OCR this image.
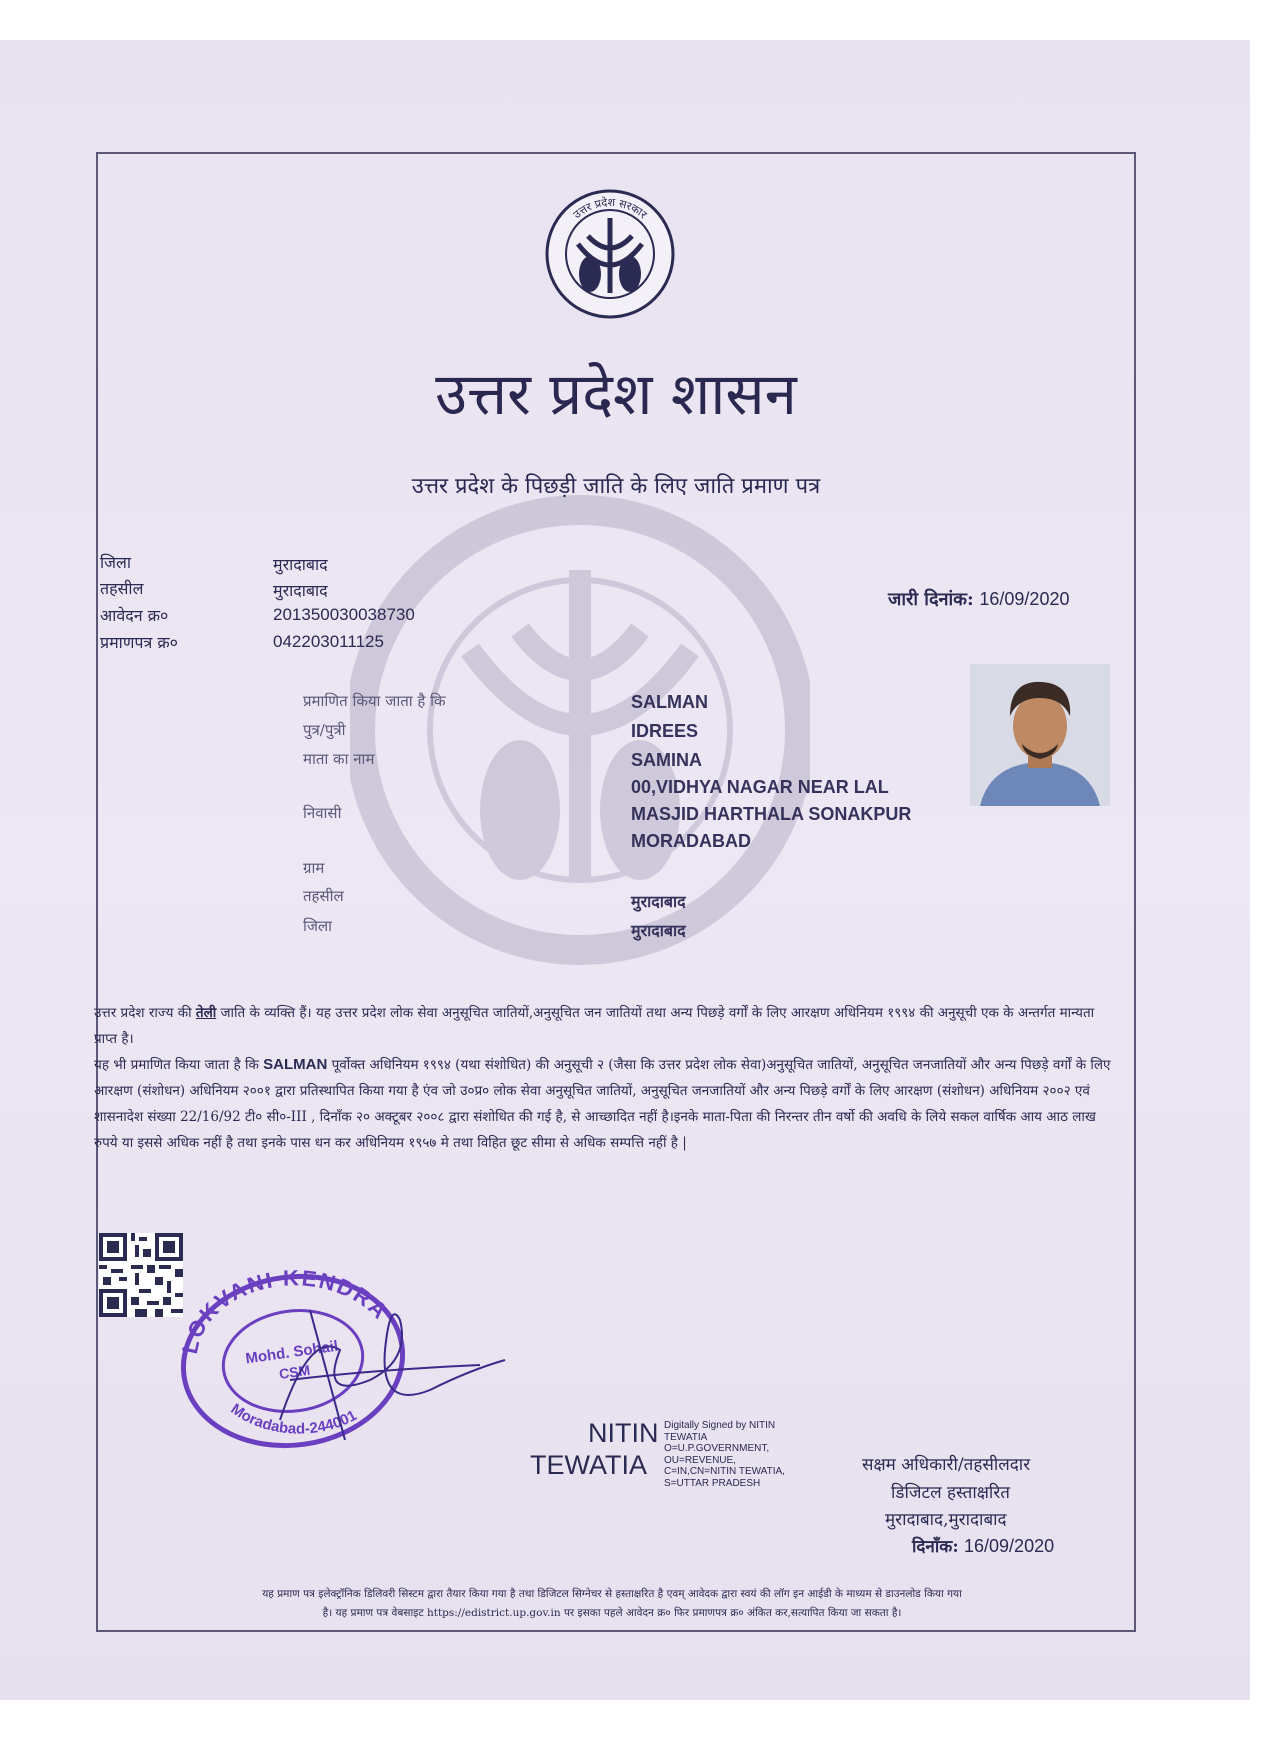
उत्तर प्रदेश सरकार
उत्तर प्रदेश शासन
उत्तर प्रदेश के पिछड़ी जाति के लिए जाति प्रमाण पत्र
जिला	मुरादाबाद
तहसील	मुरादाबाद
आवेदन क्र०	201350030038730
प्रमाणपत्र क्र०	042203011125
जारी दिनांक: 16/09/2020
प्रमाणित किया जाता है कि	SALMAN
पुत्र/पुत्री	IDREES
माता का नाम	SAMINA
00,VIDHYA NAGAR NEAR LAL
निवासी	MASJID HARTHALA SONAKPUR
MORADABAD
ग्राम
तहसील	मुरादाबाद
जिला	मुरादाबाद
उत्तर प्रदेश राज्य की तेली जाति के व्यक्ति हैं। यह उत्तर प्रदेश लोक सेवा अनुसूचित जातियों,अनुसूचित जन जातियों तथा अन्य पिछड़े वर्गों के लिए आरक्षण अधिनियम १९९४ की अनुसूची एक के अन्तर्गत मान्यता प्राप्त है।
यह भी प्रमाणित किया जाता है कि SALMAN पूर्वोक्त अधिनियम १९९४ (यथा संशोधित) की अनुसूची २ (जैसा कि उत्तर प्रदेश लोक सेवा)अनुसूचित जातियों, अनुसूचित जनजातियों और अन्य पिछड़े वर्गों के लिए आरक्षण (संशोधन) अधिनियम २००१ द्वारा प्रतिस्थापित किया गया है एंव जो उ०प्र० लोक सेवा अनुसूचित जातियों, अनुसूचित जनजातियों और अन्य पिछड़े वर्गों के लिए आरक्षण (संशोधन) अधिनियम २००२ एवं शासनादेश संख्या 22/16/92 टी० सी०-III , दिनाँक २० अक्टूबर २००८ द्वारा संशोधित की गई है, से आच्छादित नहीं है।इनके माता-पिता की निरन्तर तीन वर्षो की अवधि के लिये सकल वार्षिक आय आठ लाख रुपये या इससे अधिक नहीं है तथा इनके पास धन कर अधिनियम १९५७ मे तथा विहित छूट सीमा से अधिक सम्पत्ति नहीं है |
LOKVANI KENDRA
Moradabad-244001
Mohd. Sohail
CSM
NITIN
TEWATIA
Digitally Signed by NITIN
TEWATIA
O=U.P.GOVERNMENT,
OU=REVENUE,
C=IN,CN=NITIN TEWATIA,
S=UTTAR PRADESH
सक्षम अधिकारी/तहसीलदार
डिजिटल हस्ताक्षरित
मुरादाबाद,मुरादाबाद
दिनाँक: 16/09/2020
यह प्रमाण पत्र इलेक्ट्रॉनिक डिलिवरी सिस्टम द्वारा तैयार किया गया है तथा डिजिटल सिग्नेचर से हस्ताक्षरित है एवम् आवेदक द्वारा स्वयं की लॉग इन आईडी के माध्यम से डाउनलोड किया गया
है। यह प्रमाण पत्र वेबसाइट https://edistrict.up.gov.in पर इसका पहले आवेदन क्र० फिर प्रमाणपत्र क्र० अंकित कर,सत्यापित किया जा सकता है।
